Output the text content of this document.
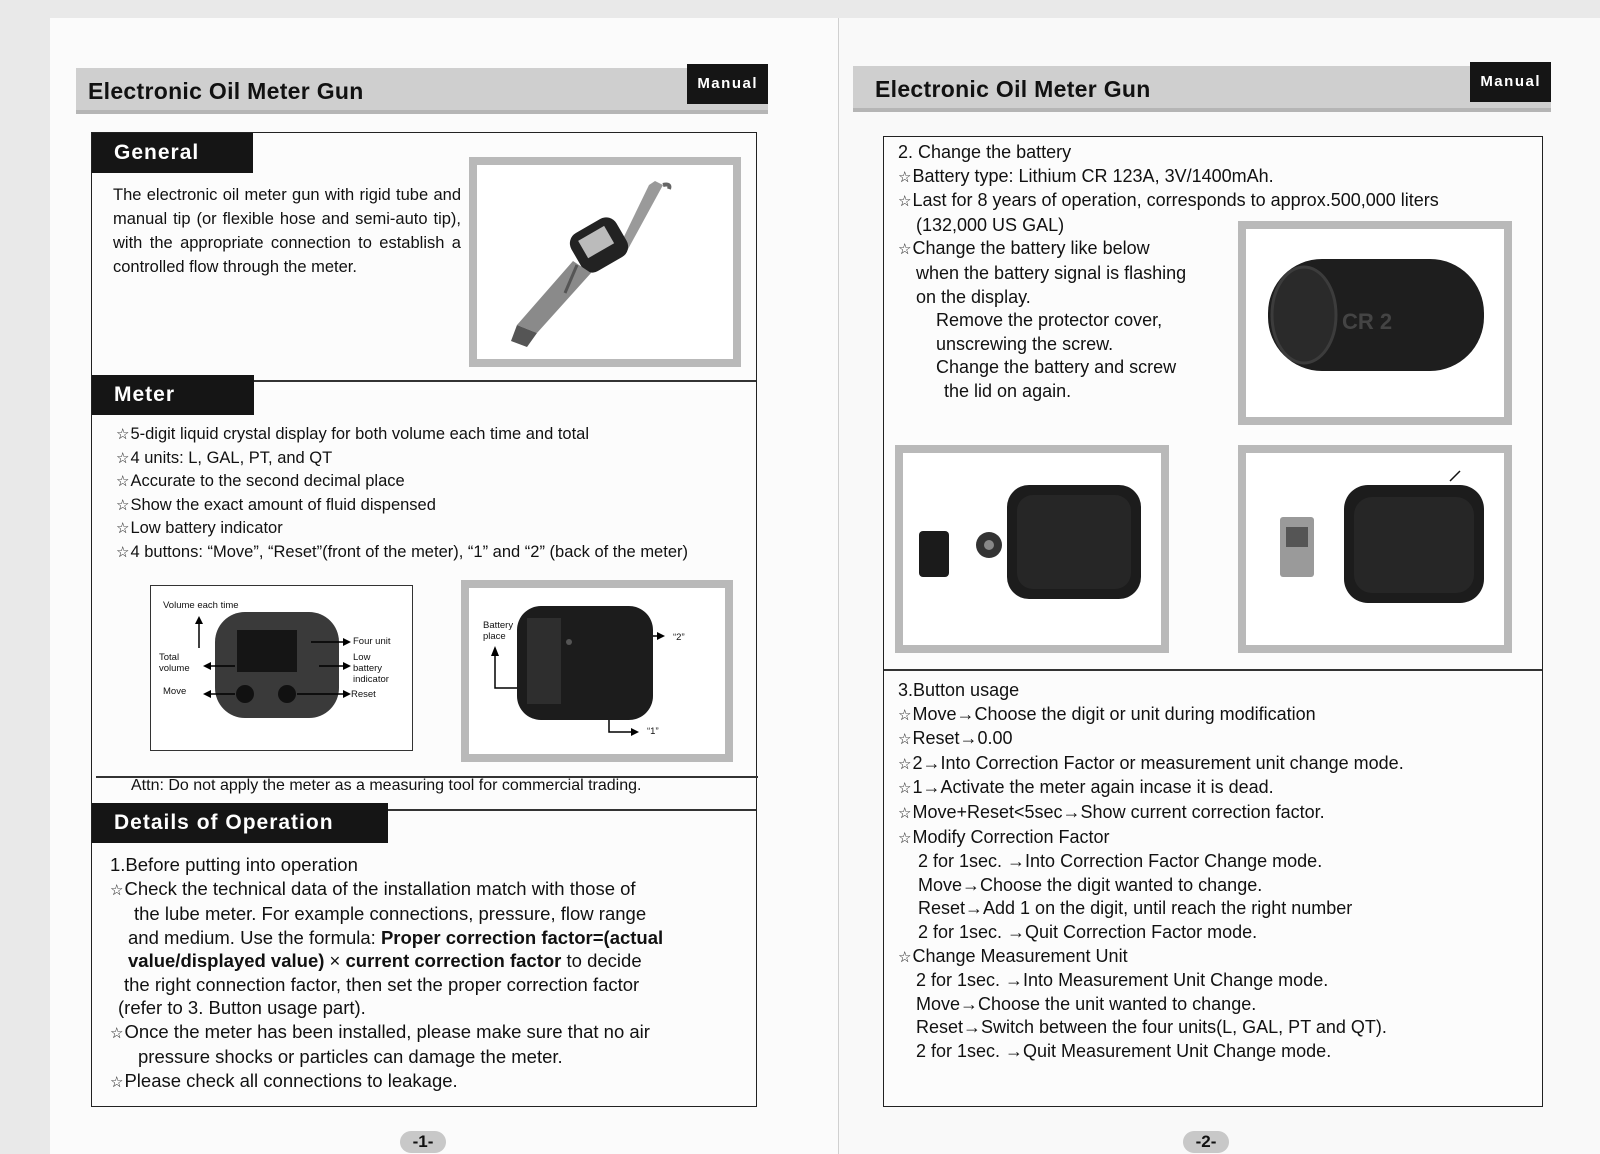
Electronic Oil Meter Gun	Manual
General
The electronic oil meter gun with rigid tube and manual tip (or flexible hose and semi-auto tip), with the appropriate connection to establish a controlled flow through the meter.
Meter
☆5-digit liquid crystal display for both volume each time and total
☆4 units: L, GAL, PT, and QT
☆Accurate to the second decimal place
☆Show the exact amount of fluid dispensed
☆Low battery indicator
☆4 buttons: “Move”, “Reset”(front of the meter), “1” and “2” (back of the meter)
Volume each time
Total
volume
Move
Four unit
Low
battery
indicator
Reset
Battery
place	“2”
“1”
Attn: Do not apply the meter as a measuring tool for commercial trading.
Details of Operation
1.Before putting into operation
☆Check the technical data of the installation match with those of
the lube meter. For example connections, pressure, flow range
and medium. Use the formula: Proper correction factor=(actual
value/displayed value) × current correction factor to decide
the right connection factor, then set the proper correction factor
(refer to 3. Button usage part).
☆Once the meter has been installed, please make sure that no air
pressure shocks or particles can damage the meter.
☆Please check all connections to leakage.
-1-
Electronic Oil Meter Gun	Manual
2. Change the battery
☆Battery type: Lithium CR 123A, 3V/1400mAh.
☆Last for 8 years of operation, corresponds to approx.500,000 liters
(132,000 US GAL)
☆Change the battery like below
when the battery signal is flashing
on the display.
Remove the protector cover,
unscrewing the screw.
Change the battery and screw
the lid on again.
CR 2
3.Button usage
☆Move→Choose the digit or unit during modification
☆Reset→0.00
☆2→Into Correction Factor or measurement unit change mode.
☆1→Activate the meter again incase it is dead.
☆Move+Reset<5sec→Show current correction factor.
☆Modify Correction Factor
2 for 1sec. →Into Correction Factor Change mode.
Move→Choose the digit wanted to change.
Reset→Add 1 on the digit, until reach the right number
2 for 1sec. →Quit Correction Factor mode.
☆Change Measurement Unit
2 for 1sec. →Into Measurement Unit Change mode.
Move→Choose the unit wanted to change.
Reset→Switch between the four units(L, GAL, PT and QT).
2 for 1sec. →Quit Measurement Unit Change mode.
-2-
